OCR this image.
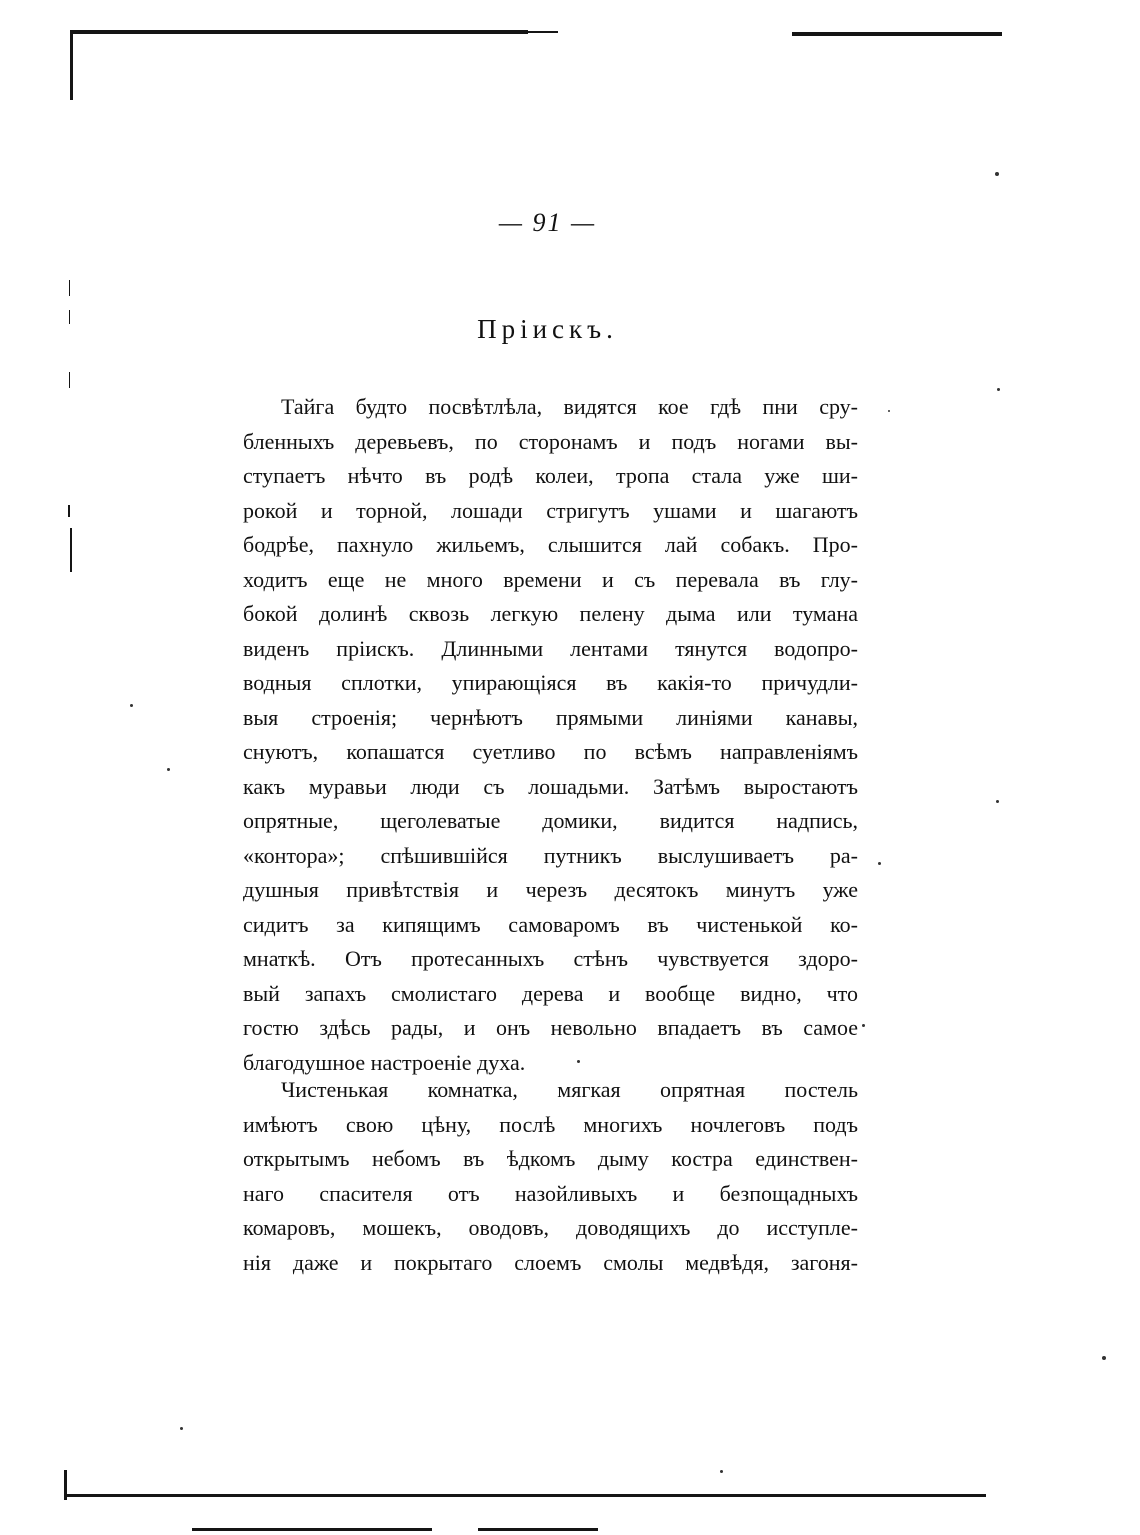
— 91 —
Пріискъ.
Тайга будто посвѣтлѣла, видятся кое гдѣ пни сру-
бленныхъ деревьевъ, по сторонамъ и подъ ногами вы-
ступаетъ нѣчто въ родѣ колеи, тропа стала уже ши-
рокой и торной, лошади стригутъ ушами и шагаютъ
бодрѣе, пахнуло жильемъ, слышится лай собакъ. Про-
ходитъ еще не много времени и съ перевала въ глу-
бокой долинѣ сквозь легкую пелену дыма или тумана
виденъ пріискъ. Длинными лентами тянутся водопро-
водныя сплотки, упирающіяся въ какія-то причудли-
выя строенія; чернѣютъ прямыми линіями канавы,
снуютъ, копашатся суетливо по всѣмъ направленіямъ
какъ муравьи люди съ лошадьми. Затѣмъ выростаютъ
опрятные, щеголеватые домики, видится надпись,
«контора»; спѣшившійся путникъ выслушиваетъ ра-
душныя привѣтствія и черезъ десятокъ минутъ уже
сидитъ за кипящимъ самоваромъ въ чистенькой ко-
мнаткѣ. Отъ протесанныхъ стѣнъ чувствуется здоро-
вый запахъ смолистаго дерева и вообще видно, что
гостю здѣсь рады, и онъ невольно впадаетъ въ самое
благодушное настроеніе духа.
Чистенькая комнатка, мягкая опрятная постель
имѣютъ свою цѣну, послѣ многихъ ночлеговъ подъ
открытымъ небомъ въ ѣдкомъ дыму костра единствен-
наго спасителя отъ назойливыхъ и безпощадныхъ
комаровъ, мошекъ, оводовъ, доводящихъ до исступле-
нія даже и покрытаго слоемъ смолы медвѣдя, загоня-
